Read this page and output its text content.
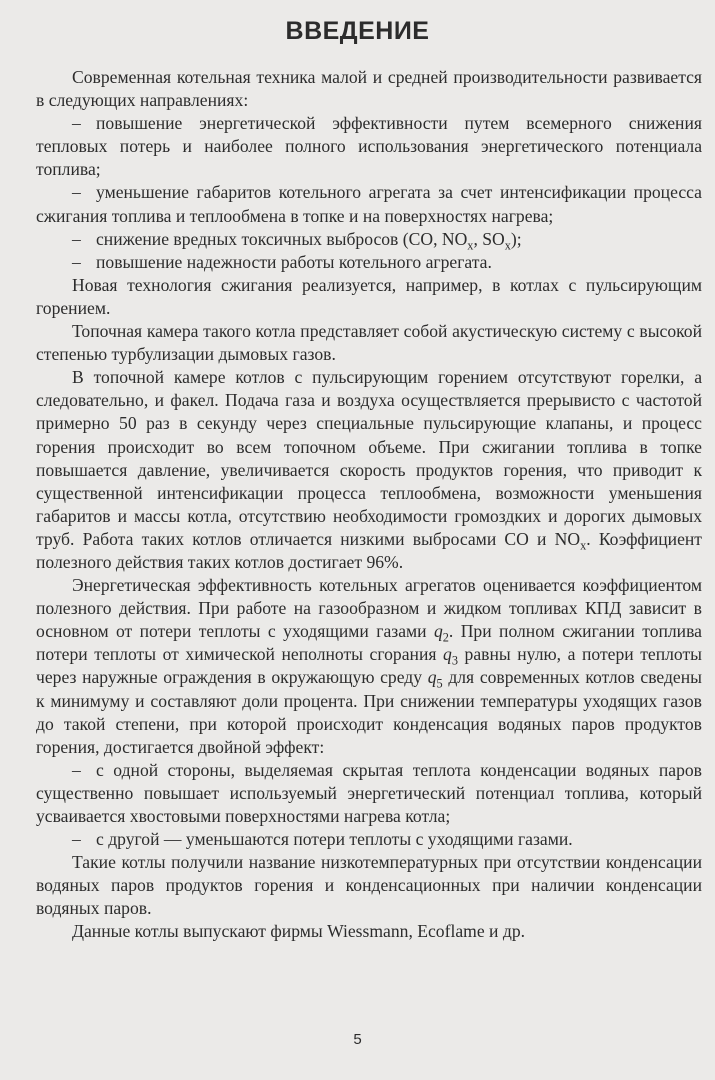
ВВЕДЕНИЕ

Современная котельная техника малой и средней производительности развивается в следующих направлениях:

– повышение энергетической эффективности путем всемерного снижения тепловых потерь и наиболее полного использования энергетического потенциала топлива;

– уменьшение габаритов котельного агрегата за счет интенсификации процесса сжигания топлива и теплообмена в топке и на поверхностях нагрева;

– снижение вредных токсичных выбросов (CO, $NO_x$, $SO_x$);

– повышение надежности работы котельного агрегата.

Новая технология сжигания реализуется, например, в котлах с пульсирующим горением.

Топочная камера такого котла представляет собой акустическую систему с высокой степенью турбулизации дымовых газов.

В топочной камере котлов с пульсирующим горением отсутствуют горелки, а следовательно, и факел. Подача газа и воздуха осуществляется прерывисто с частотой примерно 50 раз в секунду через специальные пульсирующие клапаны, и процесс горения происходит во всем топочном объеме. При сжигании топлива в топке повышается давление, увеличивается скорость продуктов горения, что приводит к существенной интенсификации процесса теплообмена, возможности уменьшения габаритов и массы котла, отсутствию необходимости громоздких и дорогих дымовых труб. Работа таких котлов отличается низкими выбросами CO и $NO_x$. Коэффициент полезного действия таких котлов достигает 96%.

Энергетическая эффективность котельных агрегатов оценивается коэффициентом полезного действия. При работе на газообразном и жидком топливах КПД зависит в основном от потери теплоты с уходящими газами $q_2$. При полном сжигании топлива потери теплоты от химической неполноты сгорания $q_3$ равны нулю, а потери теплоты через наружные ограждения в окружающую среду $q_5$ для современных котлов сведены к минимуму и составляют доли процента. При снижении температуры уходящих газов до такой степени, при которой происходит конденсация водяных паров продуктов горения, достигается двойной эффект:

– с одной стороны, выделяемая скрытая теплота конденсации водяных паров существенно повышает используемый энергетический потенциал топлива, который усваивается хвостовыми поверхностями нагрева котла;

– с другой — уменьшаются потери теплоты с уходящими газами.

Такие котлы получили название низкотемпературных при отсутствии конденсации водяных паров продуктов горения и конденсационных при наличии конденсации водяных паров.

Данные котлы выпускают фирмы Wiessmann, Ecoflame и др.

5
